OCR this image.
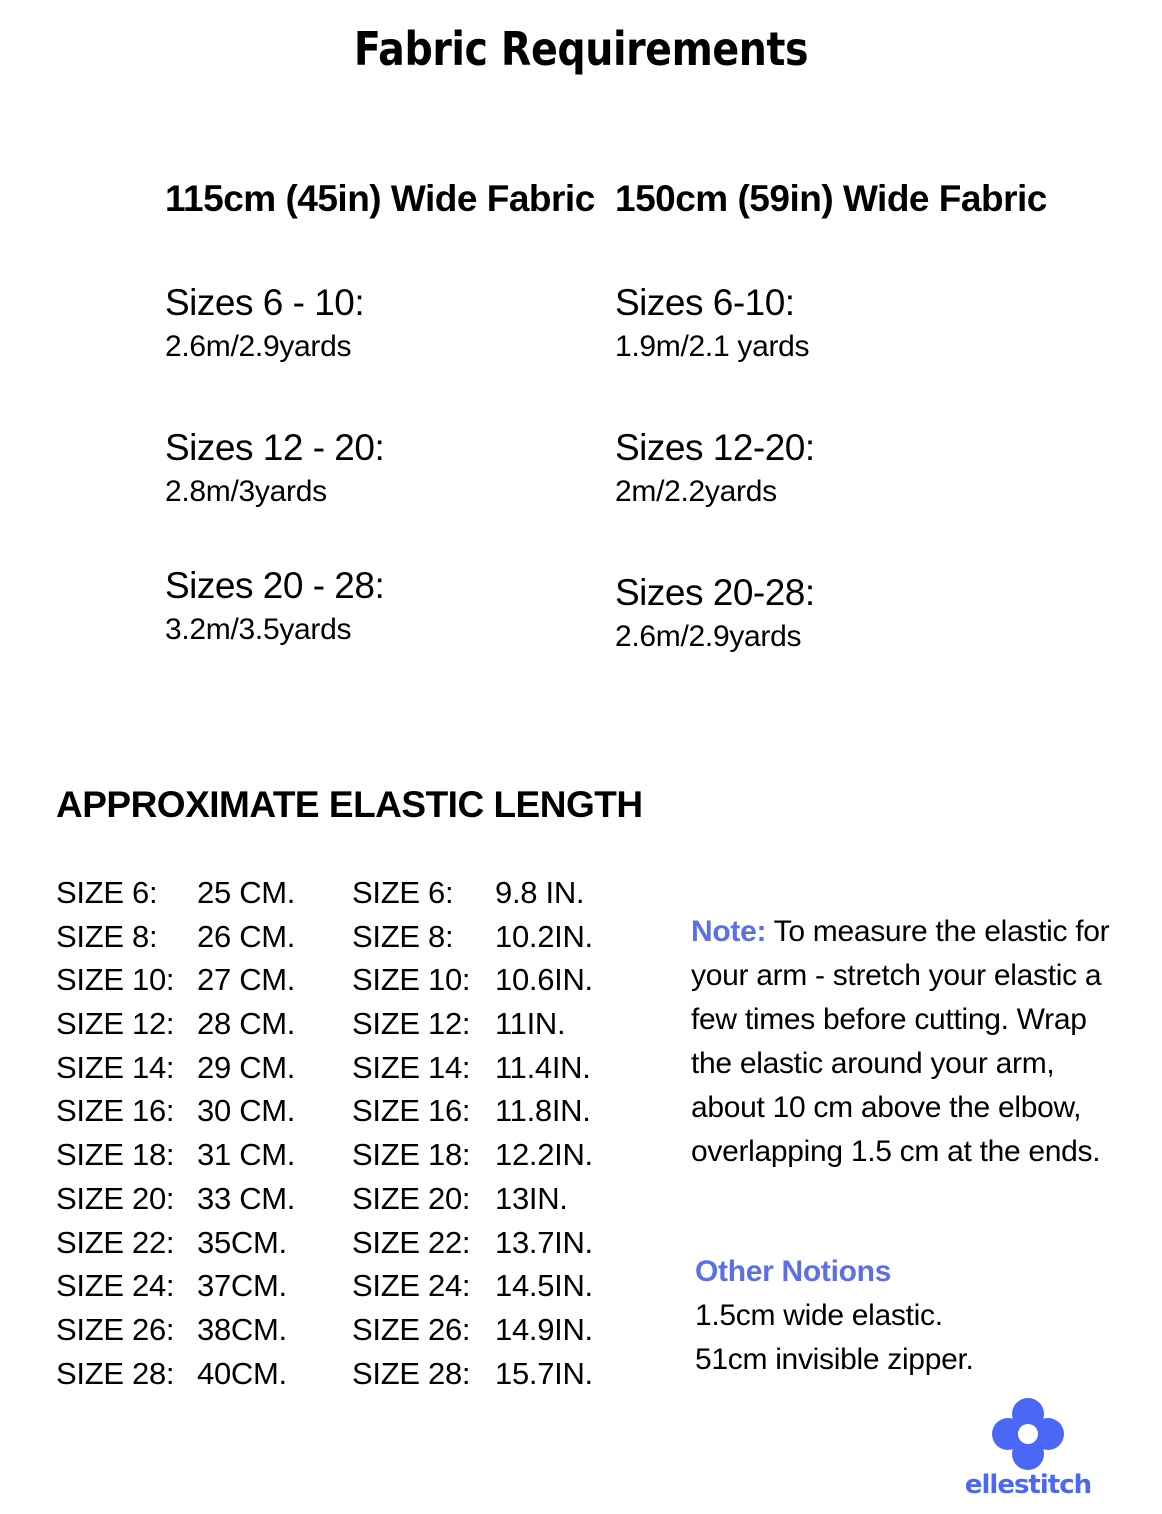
Fabric Requirements
115cm (45in) Wide Fabric
Sizes 6 - 10:
2.6m/2.9yards
Sizes 12 - 20:
2.8m/3yards
Sizes 20 - 28:
3.2m/3.5yards
150cm (59in) Wide Fabric
Sizes 6-10:
1.9m/2.1 yards
Sizes 12-20:
2m/2.2yards
Sizes 20-28:
2.6m/2.9yards
APPROXIMATE ELASTIC LENGTH
SIZE 6: 25 CM.
SIZE 8: 26 CM.
SIZE 10: 27 CM.
SIZE 12: 28 CM.
SIZE 14: 29 CM.
SIZE 16: 30 CM.
SIZE 18: 31 CM.
SIZE 20: 33 CM.
SIZE 22: 35CM.
SIZE 24: 37CM.
SIZE 26: 38CM.
SIZE 28: 40CM.
SIZE 6: 9.8 IN.
SIZE 8: 10.2IN.
SIZE 10: 10.6IN.
SIZE 12: 11IN.
SIZE 14: 11.4IN.
SIZE 16: 11.8IN.
SIZE 18: 12.2IN.
SIZE 20: 13IN.
SIZE 22: 13.7IN.
SIZE 24: 14.5IN.
SIZE 26: 14.9IN.
SIZE 28: 15.7IN.
Note: To measure the elastic for your arm - stretch your elastic a few times before cutting. Wrap the elastic around your arm, about 10 cm above the elbow, overlapping 1.5 cm at the ends.
Other Notions
1.5cm wide elastic.
51cm invisible zipper.
ellestitch
